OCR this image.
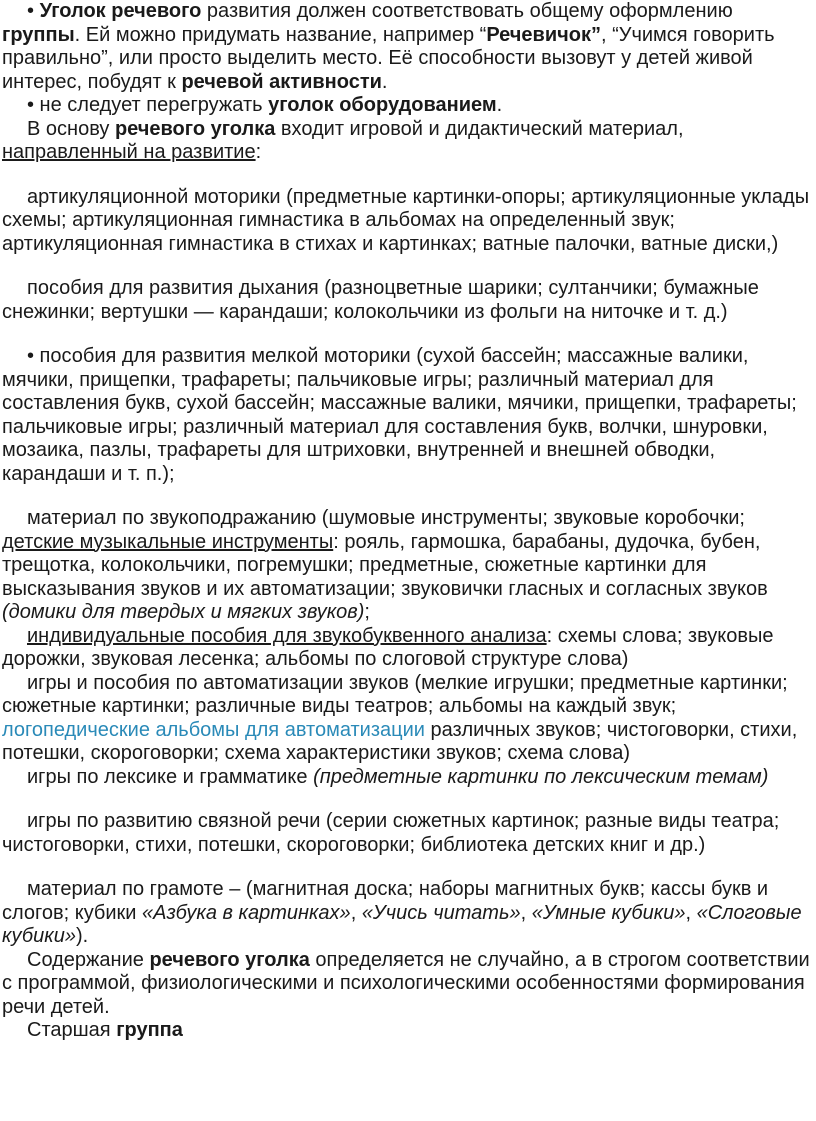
• Уголок речевого развития должен соответствовать общему оформлению группы. Ей можно придумать название, например “Речевичок”, “Учимся говорить правильно”, или просто выделить место. Её способности вызовут у детей живой интерес, побудят к речевой активности.

• не следует перегружать уголок оборудованием.

В основу речевого уголка входит игровой и дидактический материал, направленный на развитие:

артикуляционной моторики (предметные картинки-опоры; артикуляционные уклады схемы; артикуляционная гимнастика в альбомах на определенный звук; артикуляционная гимнастика в стихах и картинках; ватные палочки, ватные диски,)

пособия для развития дыхания (разноцветные шарики; султанчики; бумажные снежинки; вертушки — карандаши; колокольчики из фольги на ниточке и т. д.)

• пособия для развития мелкой моторики (сухой бассейн; массажные валики, мячики, прищепки, трафареты; пальчиковые игры; различный материал для составления букв, сухой бассейн; массажные валики, мячики, прищепки, трафареты; пальчиковые игры; различный материал для составления букв, волчки, шнуровки, мозаика, пазлы, трафареты для штриховки, внутренней и внешней обводки, карандаши и т. п.);

материал по звукоподражанию (шумовые инструменты; звуковые коробочки; детские музыкальные инструменты: рояль, гармошка, барабаны, дудочка, бубен, трещотка, колокольчики, погремушки; предметные, сюжетные картинки для высказывания звуков и их автоматизации; звуковички гласных и согласных звуков (домики для твердых и мягких звуков);

индивидуальные пособия для звукобуквенного анализа: схемы слова; звуковые дорожки, звуковая лесенка; альбомы по слоговой структуре слова)

игры и пособия по автоматизации звуков (мелкие игрушки; предметные картинки; сюжетные картинки; различные виды театров; альбомы на каждый звук; логопедические альбомы для автоматизации различных звуков; чистоговорки, стихи, потешки, скороговорки; схема характеристики звуков; схема слова)

игры по лексике и грамматике (предметные картинки по лексическим темам)

игры по развитию связной речи (серии сюжетных картинок; разные виды театра; чистоговорки, стихи, потешки, скороговорки; библиотека детских книг и др.)

материал по грамоте – (магнитная доска; наборы магнитных букв; кассы букв и слогов; кубики «Азбука в картинках», «Учись читать», «Умные кубики», «Слоговые кубики»).

Содержание речевого уголка определяется не случайно, а в строгом соответствии с программой, физиологическими и психологическими особенностями формирования речи детей.

Старшая группа
